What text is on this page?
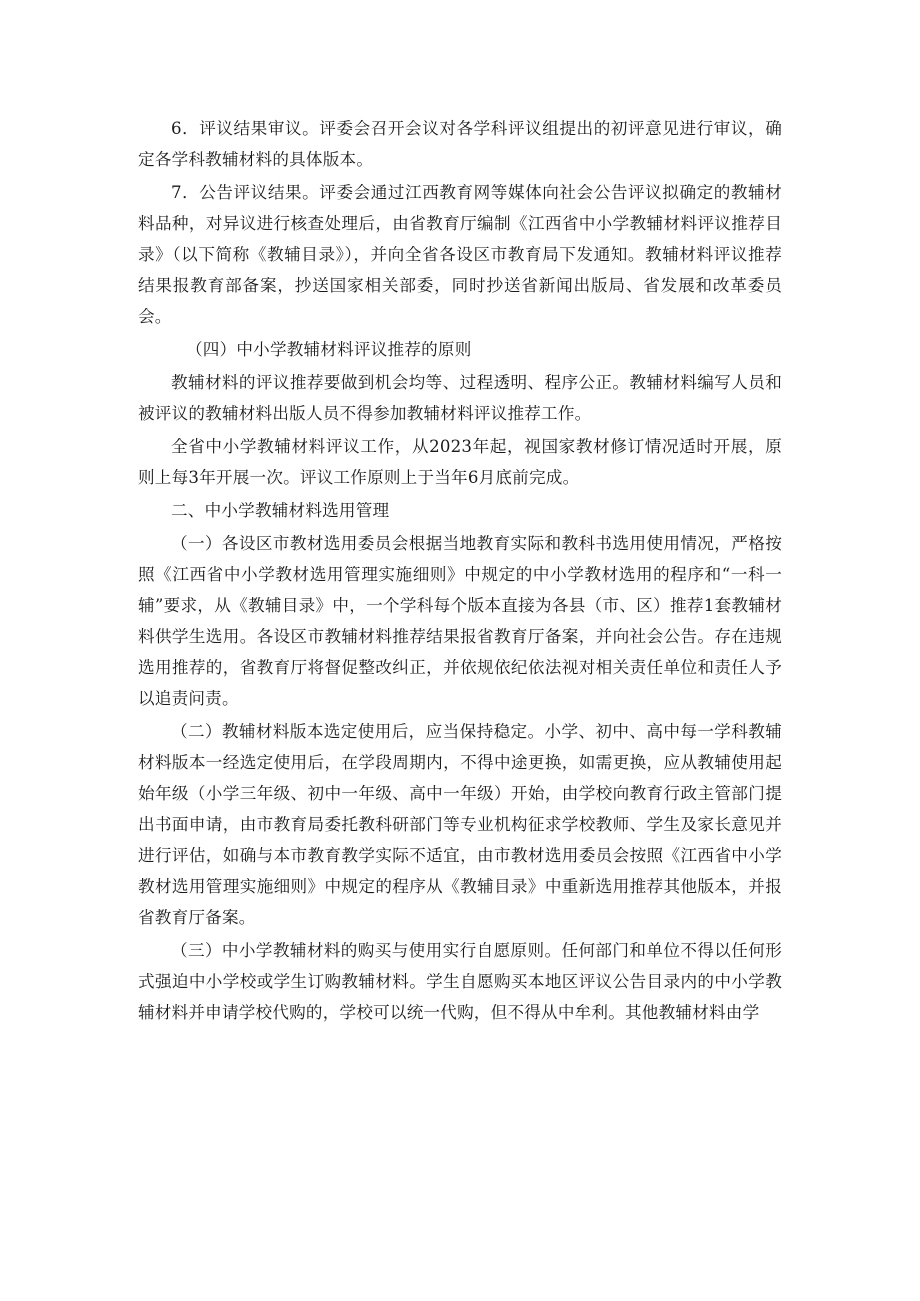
6．评议结果审议。评委会召开会议对各学科评议组提出的初评意见进行审议，确定各学科教辅材料的具体版本。

7．公告评议结果。评委会通过江西教育网等媒体向社会公告评议拟确定的教辅材料品种，对异议进行核查处理后，由省教育厅编制《江西省中小学教辅材料评议推荐目录》（以下简称《教辅目录》），并向全省各设区市教育局下发通知。教辅材料评议推荐结果报教育部备案，抄送国家相关部委，同时抄送省新闻出版局、省发展和改革委员会。

（四）中小学教辅材料评议推荐的原则

教辅材料的评议推荐要做到机会均等、过程透明、程序公正。教辅材料编写人员和被评议的教辅材料出版人员不得参加教辅材料评议推荐工作。

全省中小学教辅材料评议工作，从2023年起，视国家教材修订情况适时开展，原则上每3年开展一次。评议工作原则上于当年6月底前完成。

二、中小学教辅材料选用管理

（一）各设区市教材选用委员会根据当地教育实际和教科书选用使用情况，严格按照《江西省中小学教材选用管理实施细则》中规定的中小学教材选用的程序和“一科一辅”要求，从《教辅目录》中，一个学科每个版本直接为各县（市、区）推荐1套教辅材料供学生选用。各设区市教辅材料推荐结果报省教育厅备案，并向社会公告。存在违规选用推荐的，省教育厅将督促整改纠正，并依规依纪依法视对相关责任单位和责任人予以追责问责。

（二）教辅材料版本选定使用后，应当保持稳定。小学、初中、高中每一学科教辅材料版本一经选定使用后，在学段周期内，不得中途更换，如需更换，应从教辅使用起始年级（小学三年级、初中一年级、高中一年级）开始，由学校向教育行政主管部门提出书面申请，由市教育局委托教科研部门等专业机构征求学校教师、学生及家长意见并进行评估，如确与本市教育教学实际不适宜，由市教材选用委员会按照《江西省中小学教材选用管理实施细则》中规定的程序从《教辅目录》中重新选用推荐其他版本，并报省教育厅备案。

（三）中小学教辅材料的购买与使用实行自愿原则。任何部门和单位不得以任何形式强迫中小学校或学生订购教辅材料。学生自愿购买本地区评议公告目录内的中小学教辅材料并申请学校代购的，学校可以统一代购，但不得从中牟利。其他教辅材料由学
